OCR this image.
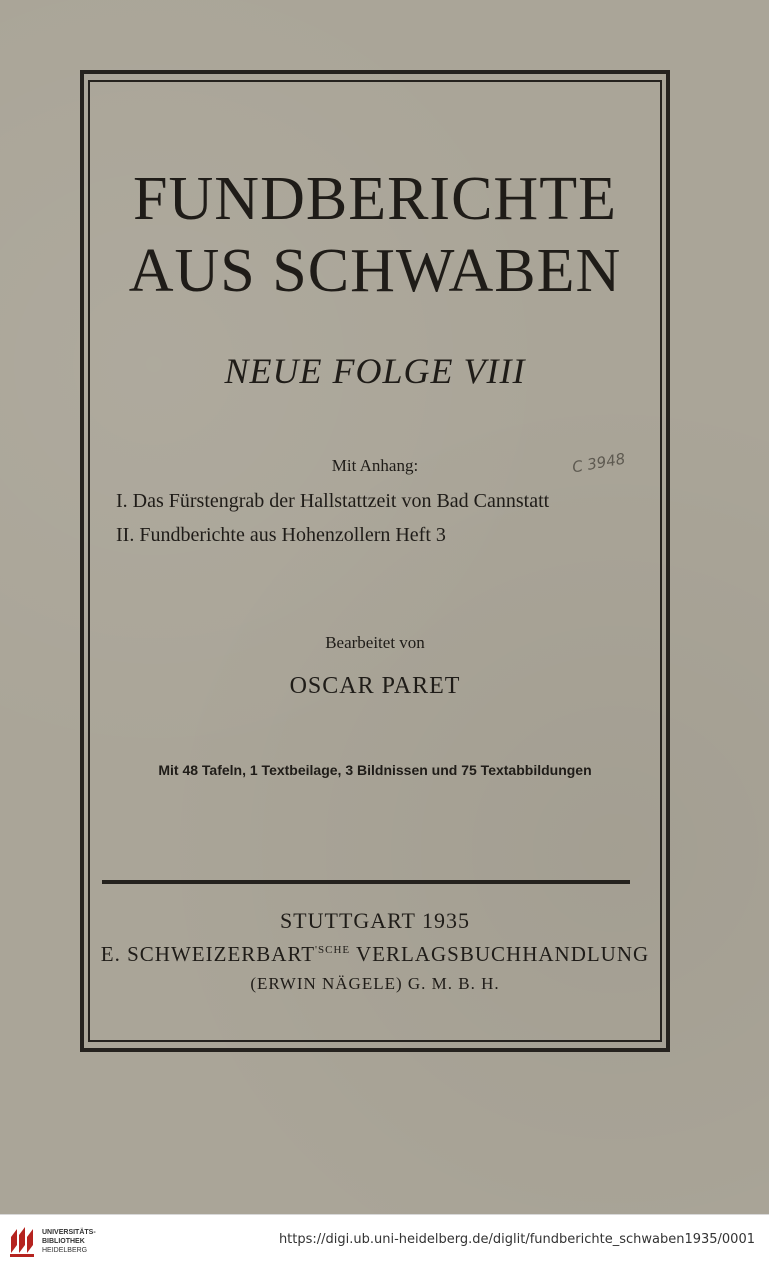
FUNDBERICHTE
AUS SCHWABEN
NEUE FOLGE VIII
Mit Anhang:	C 3948
I. Das Fürstengrab der Hallstattzeit von Bad Cannstatt
II. Fundberichte aus Hohenzollern Heft 3
Bearbeitet von
OSCAR PARET
Mit 48 Tafeln, 1 Textbeilage, 3 Bildnissen und 75 Textabbildungen
STUTTGART 1935
E. $SCHWEIZERBART^{'SCHE}$ VERLAGSBUCHHANDLUNG
(ERWIN NÄGELE) G. M. B. H.
UNIVERSITÄTS-
BIBLIOTHEK
HEIDELBERG
https://digi.ub.uni-heidelberg.de/diglit/fundberichte_schwaben1935/0001
